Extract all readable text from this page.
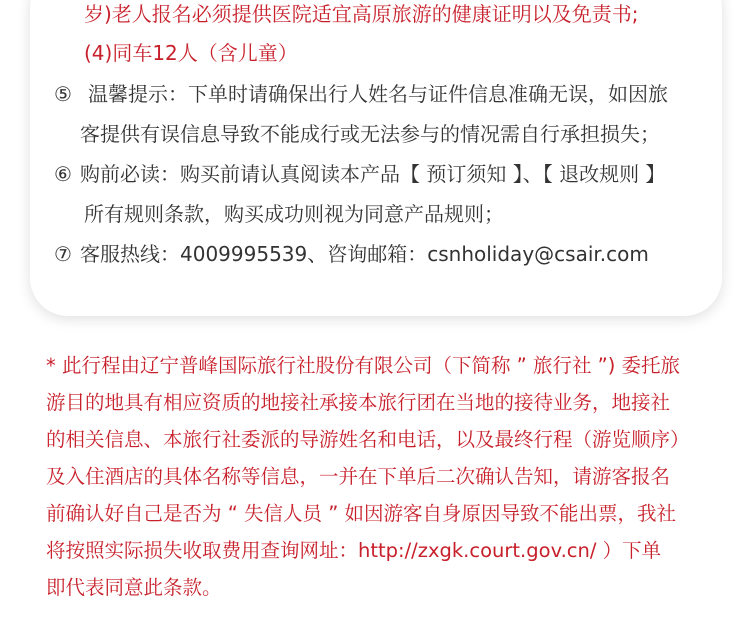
岁)老人报名必须提供医院适宜高原旅游的健康证明以及免责书;
(4)同车12人（含儿童）
⑤ 温馨提示：下单时请确保出行人姓名与证件信息准确无误，如因旅
客提供有误信息导致不能成行或无法参与的情况需自行承担损失；
⑥ 购前必读：购买前请认真阅读本产品【 预订须知 】、【 退改规则 】
所有规则条款，购买成功则视为同意产品规则；
⑦ 客服热线：4009995539、咨询邮箱：csnholiday@csair.com
* 此行程由辽宁普峰国际旅行社股份有限公司（下简称 ” 旅行社 ”) 委托旅
游目的地具有相应资质的地接社承接本旅行团在当地的接待业务，地接社
的相关信息、本旅行社委派的导游姓名和电话，以及最终行程（游览顺序）
及入住酒店的具体名称等信息，一并在下单后二次确认告知，请游客报名
前确认好自己是否为 “ 失信人员 ” 如因游客自身原因导致不能出票，我社
将按照实际损失收取费用查询网址：http://zxgk.court.gov.cn/ ）下单
即代表同意此条款。
